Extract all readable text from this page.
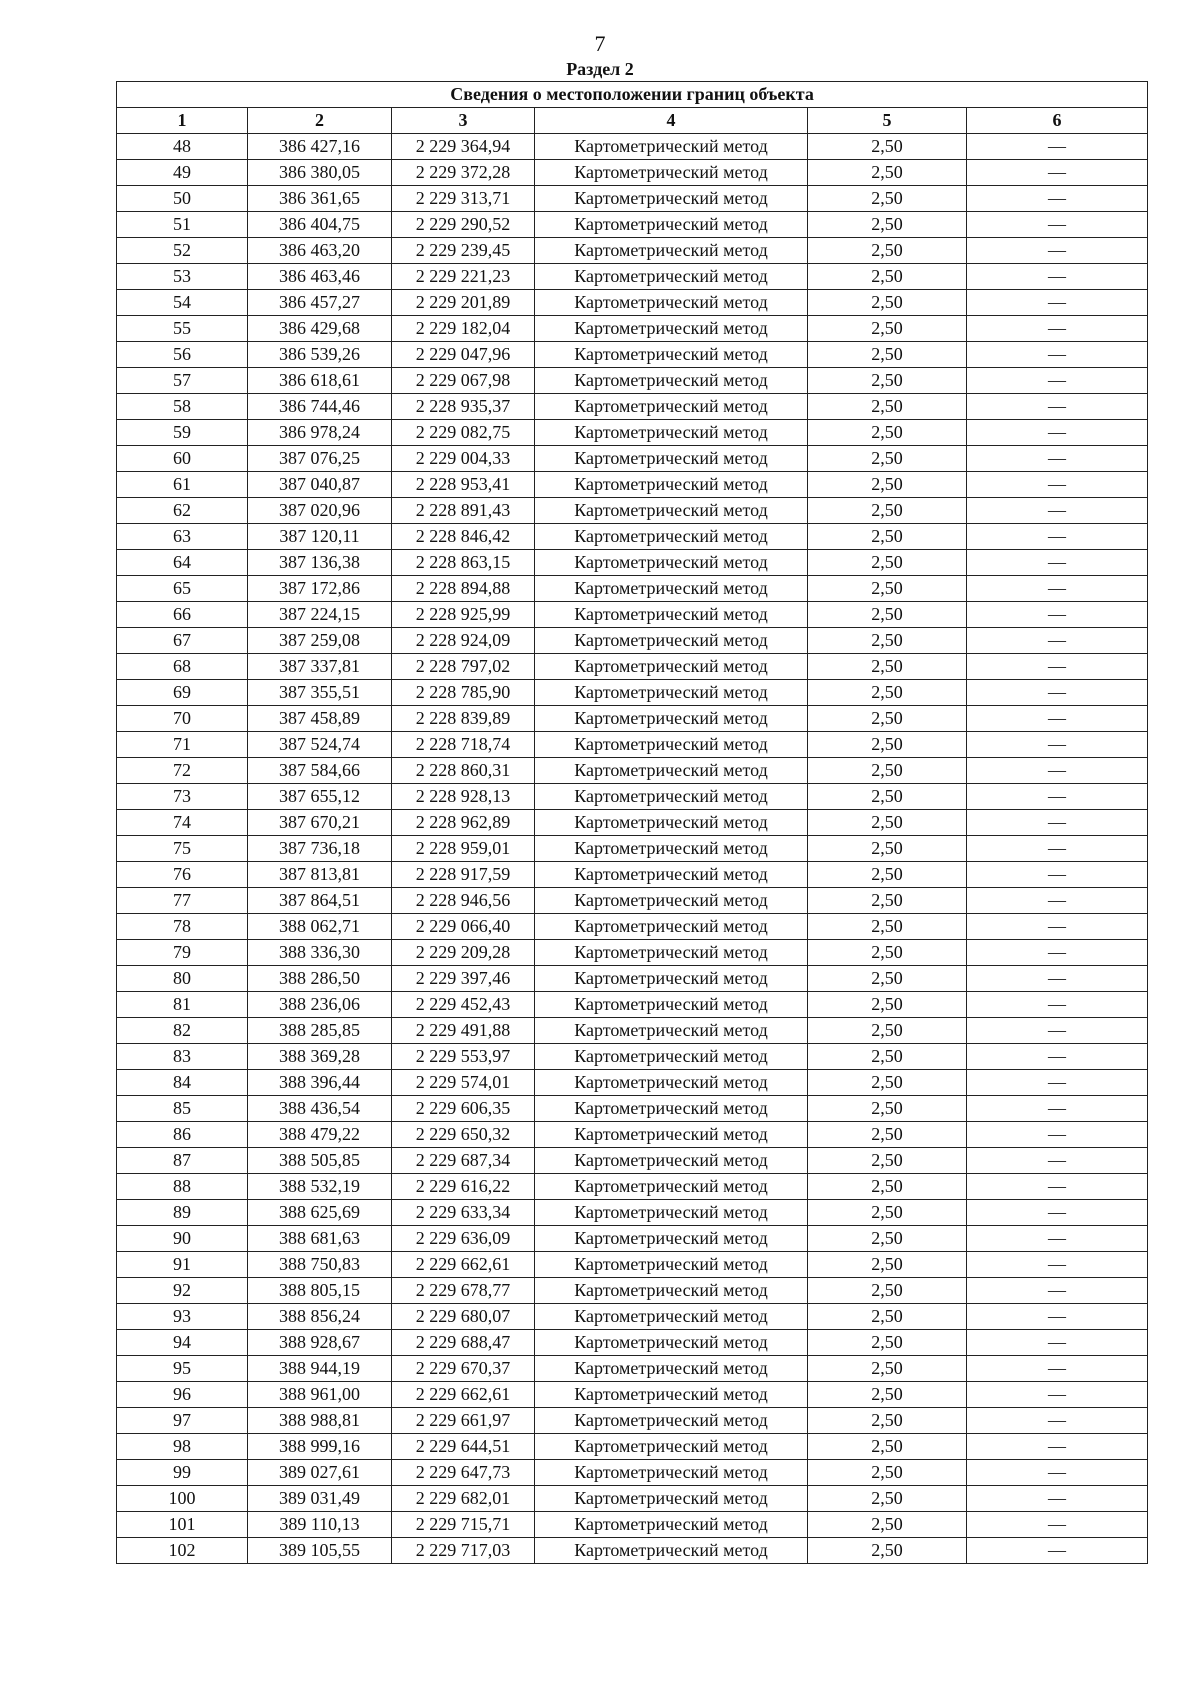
7
Раздел 2
Сведения о местоположении границ объекта					
1	2	3	4	5	6
48	386 427,16	2 229 364,94	Картометрический метод	2,50	—
49	386 380,05	2 229 372,28	Картометрический метод	2,50	—
50	386 361,65	2 229 313,71	Картометрический метод	2,50	—
51	386 404,75	2 229 290,52	Картометрический метод	2,50	—
52	386 463,20	2 229 239,45	Картометрический метод	2,50	—
53	386 463,46	2 229 221,23	Картометрический метод	2,50	—
54	386 457,27	2 229 201,89	Картометрический метод	2,50	—
55	386 429,68	2 229 182,04	Картометрический метод	2,50	—
56	386 539,26	2 229 047,96	Картометрический метод	2,50	—
57	386 618,61	2 229 067,98	Картометрический метод	2,50	—
58	386 744,46	2 228 935,37	Картометрический метод	2,50	—
59	386 978,24	2 229 082,75	Картометрический метод	2,50	—
60	387 076,25	2 229 004,33	Картометрический метод	2,50	—
61	387 040,87	2 228 953,41	Картометрический метод	2,50	—
62	387 020,96	2 228 891,43	Картометрический метод	2,50	—
63	387 120,11	2 228 846,42	Картометрический метод	2,50	—
64	387 136,38	2 228 863,15	Картометрический метод	2,50	—
65	387 172,86	2 228 894,88	Картометрический метод	2,50	—
66	387 224,15	2 228 925,99	Картометрический метод	2,50	—
67	387 259,08	2 228 924,09	Картометрический метод	2,50	—
68	387 337,81	2 228 797,02	Картометрический метод	2,50	—
69	387 355,51	2 228 785,90	Картометрический метод	2,50	—
70	387 458,89	2 228 839,89	Картометрический метод	2,50	—
71	387 524,74	2 228 718,74	Картометрический метод	2,50	—
72	387 584,66	2 228 860,31	Картометрический метод	2,50	—
73	387 655,12	2 228 928,13	Картометрический метод	2,50	—
74	387 670,21	2 228 962,89	Картометрический метод	2,50	—
75	387 736,18	2 228 959,01	Картометрический метод	2,50	—
76	387 813,81	2 228 917,59	Картометрический метод	2,50	—
77	387 864,51	2 228 946,56	Картометрический метод	2,50	—
78	388 062,71	2 229 066,40	Картометрический метод	2,50	—
79	388 336,30	2 229 209,28	Картометрический метод	2,50	—
80	388 286,50	2 229 397,46	Картометрический метод	2,50	—
81	388 236,06	2 229 452,43	Картометрический метод	2,50	—
82	388 285,85	2 229 491,88	Картометрический метод	2,50	—
83	388 369,28	2 229 553,97	Картометрический метод	2,50	—
84	388 396,44	2 229 574,01	Картометрический метод	2,50	—
85	388 436,54	2 229 606,35	Картометрический метод	2,50	—
86	388 479,22	2 229 650,32	Картометрический метод	2,50	—
87	388 505,85	2 229 687,34	Картометрический метод	2,50	—
88	388 532,19	2 229 616,22	Картометрический метод	2,50	—
89	388 625,69	2 229 633,34	Картометрический метод	2,50	—
90	388 681,63	2 229 636,09	Картометрический метод	2,50	—
91	388 750,83	2 229 662,61	Картометрический метод	2,50	—
92	388 805,15	2 229 678,77	Картометрический метод	2,50	—
93	388 856,24	2 229 680,07	Картометрический метод	2,50	—
94	388 928,67	2 229 688,47	Картометрический метод	2,50	—
95	388 944,19	2 229 670,37	Картометрический метод	2,50	—
96	388 961,00	2 229 662,61	Картометрический метод	2,50	—
97	388 988,81	2 229 661,97	Картометрический метод	2,50	—
98	388 999,16	2 229 644,51	Картометрический метод	2,50	—
99	389 027,61	2 229 647,73	Картометрический метод	2,50	—
100	389 031,49	2 229 682,01	Картометрический метод	2,50	—
101	389 110,13	2 229 715,71	Картометрический метод	2,50	—
102	389 105,55	2 229 717,03	Картометрический метод	2,50	—
